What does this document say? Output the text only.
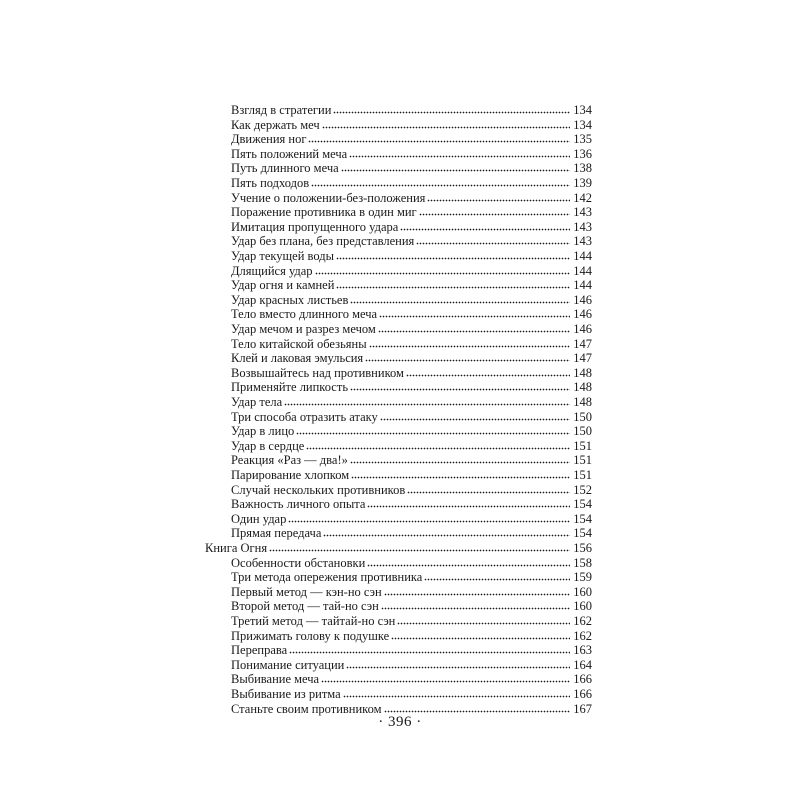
Взгляд в стратегии	134
Как держать меч	134
Движения ног	135
Пять положений меча	136
Путь длинного меча	138
Пять подходов	139
Учение о положении-без-положения	142
Поражение противника в один миг	143
Имитация пропущенного удара	143
Удар без плана, без представления	143
Удар текущей воды	144
Длящийся удар	144
Удар огня и камней	144
Удар красных листьев	146
Тело вместо длинного меча	146
Удар мечом и разрез мечом	146
Тело китайской обезьяны	147
Клей и лаковая эмульсия	147
Возвышайтесь над противником	148
Применяйте липкость	148
Удар тела	148
Три способа отразить атаку	150
Удар в лицо	150
Удар в сердце	151
Реакция «Раз — два!»	151
Парирование хлопком	151
Случай нескольких противников	152
Важность личного опыта	154
Один удар	154
Прямая передача	154
Книга Огня	156
Особенности обстановки	158
Три метода опережения противника	159
Первый метод — кэн-но сэн	160
Второй метод — тай-но сэн	160
Третий метод — тайтай-но сэн	162
Прижимать голову к подушке	162
Переправа	163
Понимание ситуации	164
Выбивание меча	166
Выбивание из ритма	166
Станьте своим противником	167
· 396 ·
